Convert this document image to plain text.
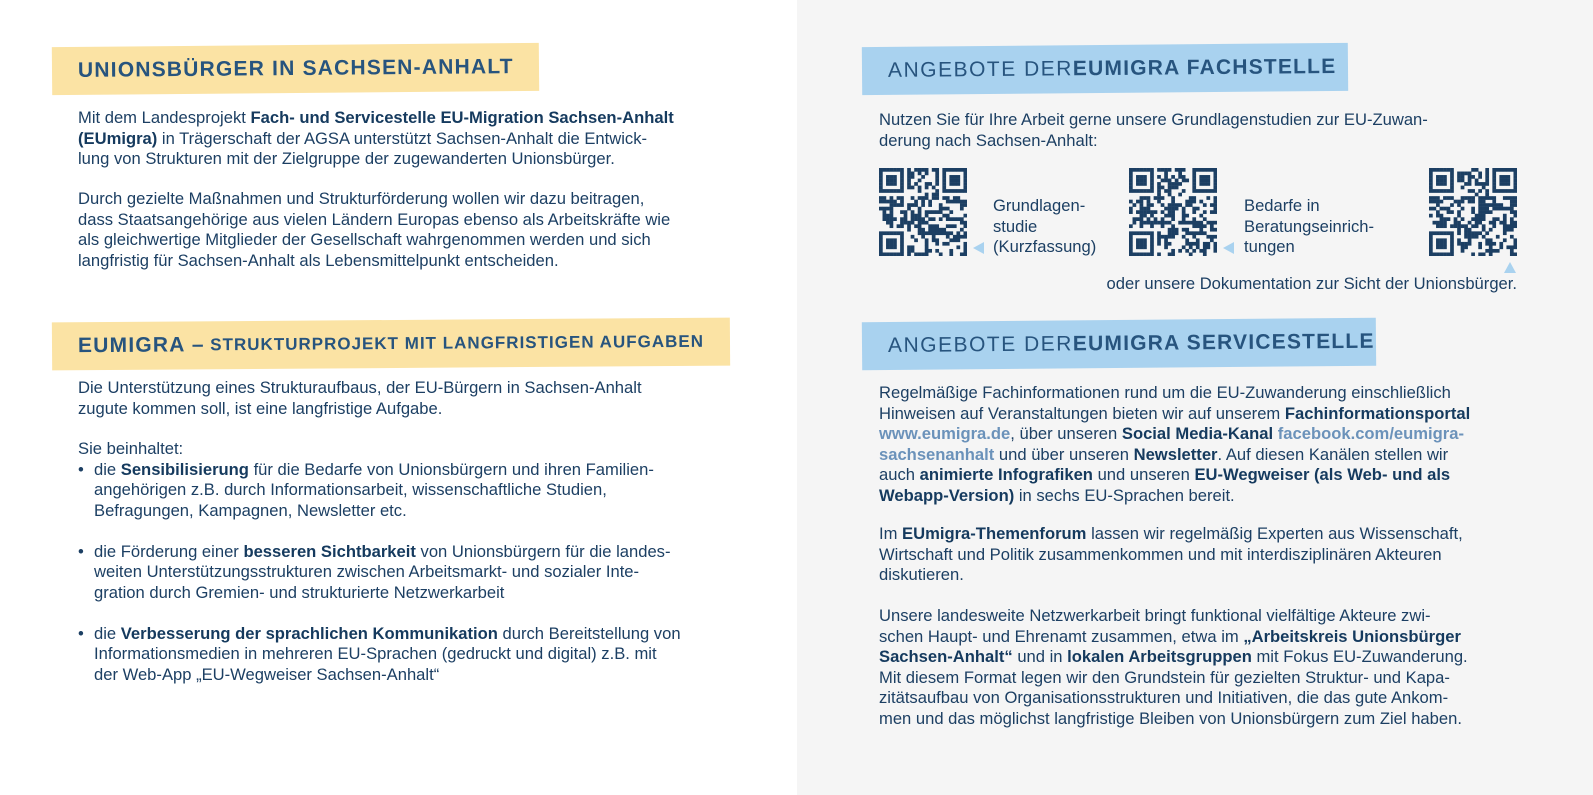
UNIONSBÜRGER IN SACHSEN-ANHALT

Mit dem Landesprojekt Fach- und Servicestelle EU-Migration Sachsen-Anhalt
(EUmigra) in Trägerschaft der AGSA unterstützt Sachsen-Anhalt die Entwick-
lung von Strukturen mit der Zielgruppe der zugewanderten Unionsbürger.

Durch gezielte Maßnahmen und Strukturförderung wollen wir dazu beitragen,
dass Staatsangehörige aus vielen Ländern Europas ebenso als Arbeitskräfte wie
als gleichwertige Mitglieder der Gesellschaft wahrgenommen werden und sich
langfristig für Sachsen-Anhalt als Lebensmittelpunkt entscheiden.

EUMIGRA – STRUKTURPROJEKT MIT LANGFRISTIGEN AUFGABEN

Die Unterstützung eines Strukturaufbaus, der EU-Bürgern in Sachsen-Anhalt
zugute kommen soll, ist eine langfristige Aufgabe.

Sie beinhaltet:

• die Sensibilisierung für die Bedarfe von Unionsbürgern und ihren Familien-
angehörigen z.B. durch Informationsarbeit, wissenschaftliche Studien,
Befragungen, Kampagnen, Newsletter etc.
• die Förderung einer besseren Sichtbarkeit von Unionsbürgern für die landes-
weiten Unterstützungsstrukturen zwischen Arbeitsmarkt- und sozialer Inte-
gration durch Gremien- und strukturierte Netzwerkarbeit
• die Verbesserung der sprachlichen Kommunikation durch Bereitstellung von
Informationsmedien in mehreren EU-Sprachen (gedruckt und digital) z.B. mit
der Web-App „EU-Wegweiser Sachsen-Anhalt“
ANGEBOTE DER EUMIGRA FACHSTELLE

Nutzen Sie für Ihre Arbeit gerne unsere Grundlagenstudien zur EU-Zuwan-
derung nach Sachsen-Anhalt:

Grundlagen-
studie
(Kurzfassung)
Bedarfe in
Beratungseinrich-
tungen

oder unsere Dokumentation zur Sicht der Unionsbürger.

ANGEBOTE DER EUMIGRA SERVICESTELLE

Regelmäßige Fachinformationen rund um die EU-Zuwanderung einschließlich
Hinweisen auf Veranstaltungen bieten wir auf unserem Fachinformationsportal
www.eumigra.de, über unseren Social Media-Kanal facebook.com/eumigra-
sachsenanhalt und über unseren Newsletter. Auf diesen Kanälen stellen wir
auch animierte Infografiken und unseren EU-Wegweiser (als Web- und als
Webapp-Version) in sechs EU-Sprachen bereit.

Im EUmigra-Themenforum lassen wir regelmäßig Experten aus Wissenschaft,
Wirtschaft und Politik zusammenkommen und mit interdisziplinären Akteuren
diskutieren.

Unsere landesweite Netzwerkarbeit bringt funktional vielfältige Akteure zwi-
schen Haupt- und Ehrenamt zusammen, etwa im „Arbeitskreis Unionsbürger
Sachsen-Anhalt“ und in lokalen Arbeitsgruppen mit Fokus EU-Zuwanderung.
Mit diesem Format legen wir den Grundstein für gezielten Struktur- und Kapa-
zitätsaufbau von Organisationsstrukturen und Initiativen, die das gute Ankom-
men und das möglichst langfristige Bleiben von Unionsbürgern zum Ziel haben.
